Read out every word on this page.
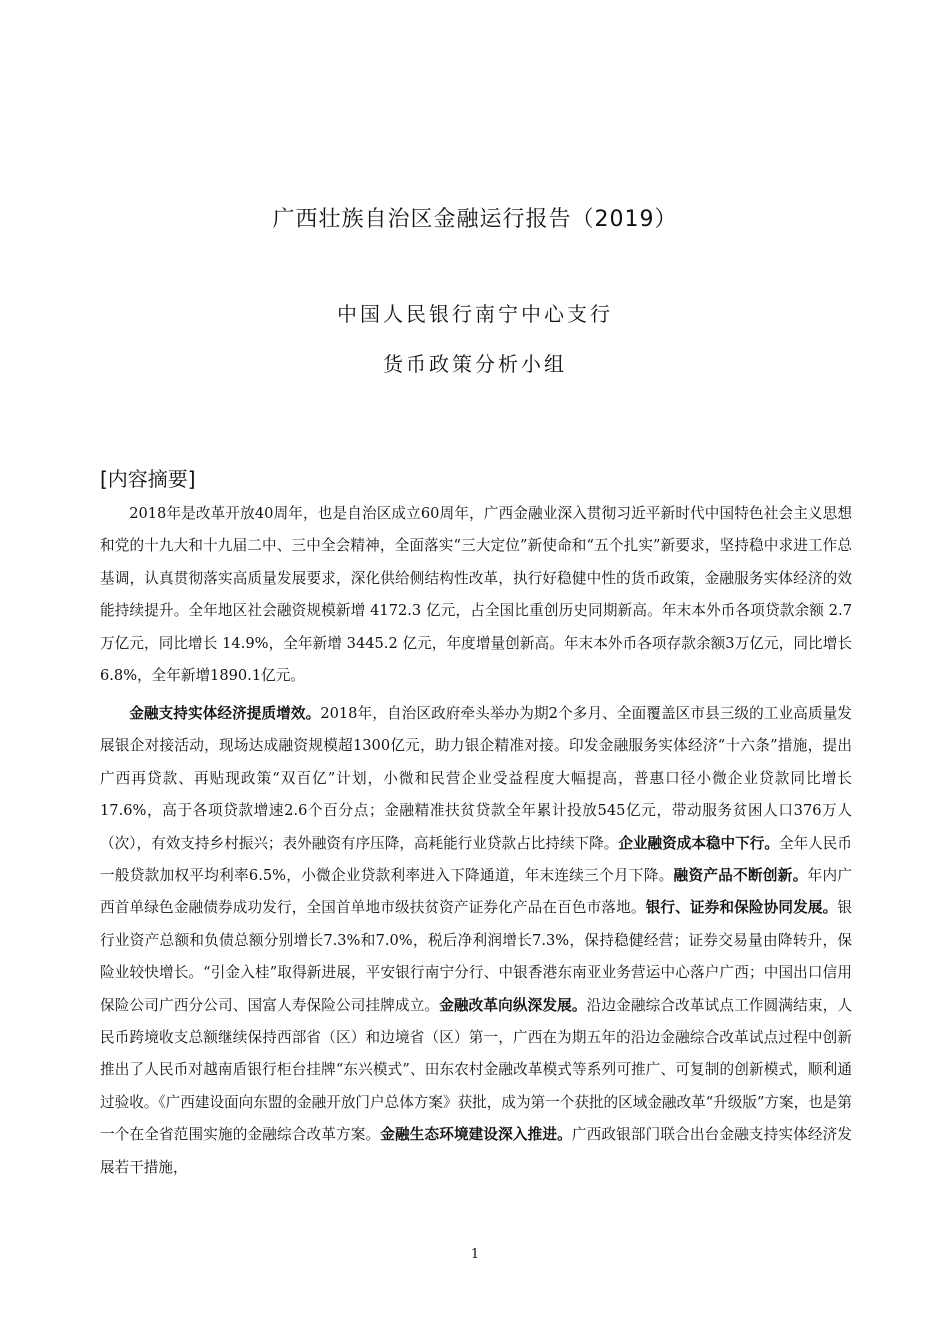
广西壮族自治区金融运行报告（2019）

中国人民银行南宁中心支行

货币政策分析小组

[内容摘要]

2018年是改革开放40周年，也是自治区成立60周年，广西金融业深入贯彻习近平新时代中国特色社会主义思想和党的十九大和十九届二中、三中全会精神，全面落实“三大定位”新使命和“五个扎实”新要求，坚持稳中求进工作总基调，认真贯彻落实高质量发展要求，深化供给侧结构性改革，执行好稳健中性的货币政策，金融服务实体经济的效能持续提升。全年地区社会融资规模新增 4172.3 亿元，占全国比重创历史同期新高。年末本外币各项贷款余额 2.7 万亿元，同比增长 14.9%，全年新增 3445.2 亿元，年度增量创新高。年末本外币各项存款余额3万亿元，同比增长6.8%，全年新增1890.1亿元。

金融支持实体经济提质增效。2018年，自治区政府牵头举办为期2个多月、全面覆盖区市县三级的工业高质量发展银企对接活动，现场达成融资规模超1300亿元，助力银企精准对接。印发金融服务实体经济“十六条”措施，提出广西再贷款、再贴现政策“双百亿”计划，小微和民营企业受益程度大幅提高，普惠口径小微企业贷款同比增长17.6%，高于各项贷款增速2.6个百分点；金融精准扶贫贷款全年累计投放545亿元，带动服务贫困人口376万人（次），有效支持乡村振兴；表外融资有序压降，高耗能行业贷款占比持续下降。企业融资成本稳中下行。全年人民币一般贷款加权平均利率6.5%，小微企业贷款利率进入下降通道，年末连续三个月下降。融资产品不断创新。年内广西首单绿色金融债券成功发行，全国首单地市级扶贫资产证券化产品在百色市落地。银行、证券和保险协同发展。银行业资产总额和负债总额分别增长7.3%和7.0%，税后净利润增长7.3%，保持稳健经营；证券交易量由降转升，保险业较快增长。“引金入桂”取得新进展，平安银行南宁分行、中银香港东南亚业务营运中心落户广西；中国出口信用保险公司广西分公司、国富人寿保险公司挂牌成立。金融改革向纵深发展。沿边金融综合改革试点工作圆满结束，人民币跨境收支总额继续保持西部省（区）和边境省（区）第一，广西在为期五年的沿边金融综合改革试点过程中创新推出了人民币对越南盾银行柜台挂牌“东兴模式”、田东农村金融改革模式等系列可推广、可复制的创新模式，顺利通过验收。《广西建设面向东盟的金融开放门户总体方案》获批，成为第一个获批的区域金融改革“升级版”方案，也是第一个在全省范围实施的金融综合改革方案。金融生态环境建设深入推进。广西政银部门联合出台金融支持实体经济发展若干措施，

1
